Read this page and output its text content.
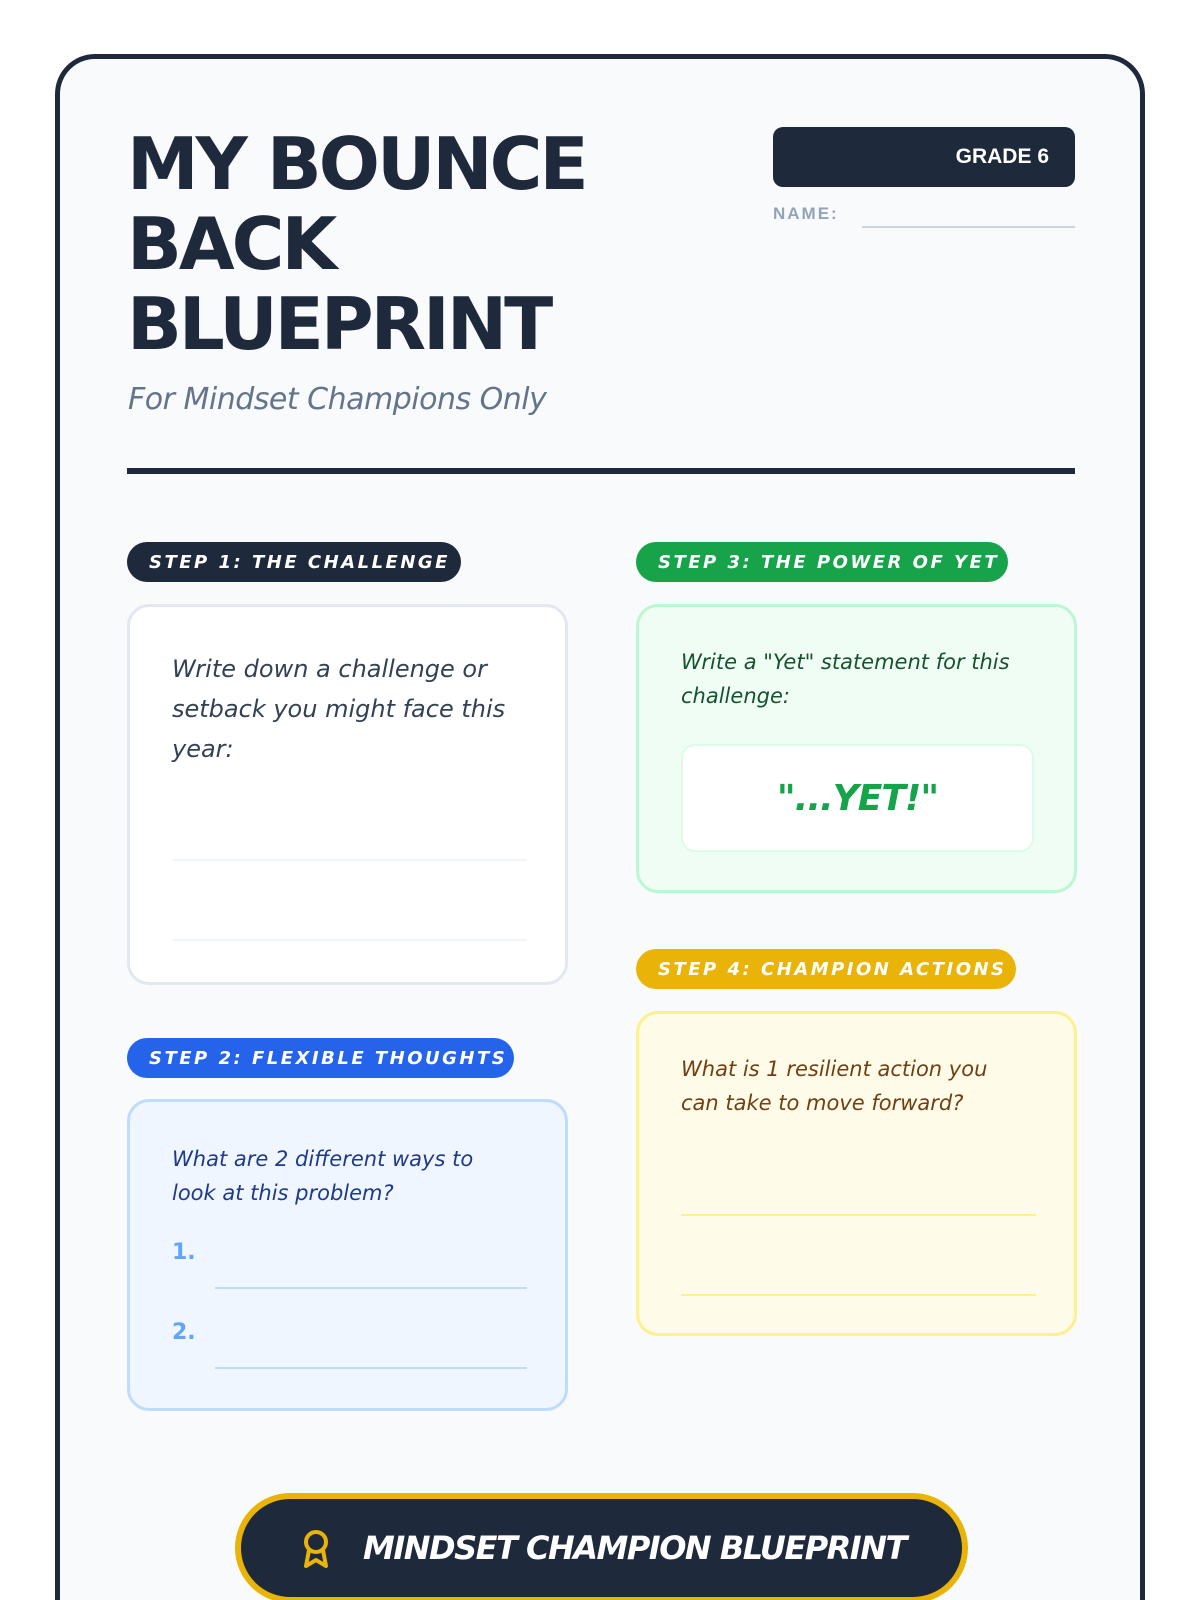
MY BOUNCE
BACK
BLUEPRINT
For Mindset Champions Only
GRADE 6
NAME:
STEP 1: THE CHALLENGE
Write down a challenge or setback you might face this year:
STEP 2: FLEXIBLE THOUGHTS
What are 2 different ways to look at this problem?
1.
2.
STEP 3: THE POWER OF YET
Write a "Yet" statement for this challenge:
"...YET!"
STEP 4: CHAMPION ACTIONS
What is 1 resilient action you can take to move forward?
MINDSET CHAMPION BLUEPRINT
